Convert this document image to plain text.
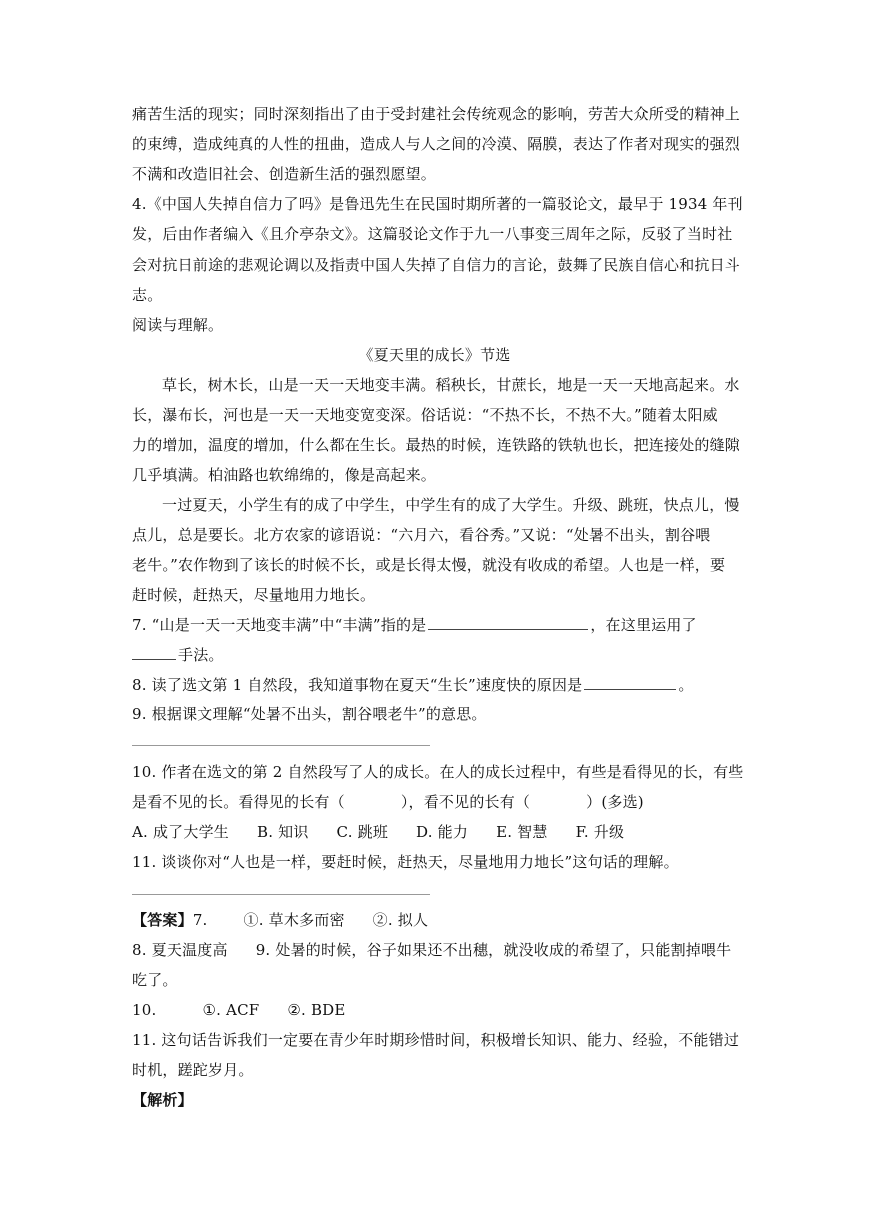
痛苦生活的现实；同时深刻指出了由于受封建社会传统观念的影响，劳苦大众所受的精神上
的束缚，造成纯真的人性的扭曲，造成人与人之间的冷漠、隔膜，表达了作者对现实的强烈
不满和改造旧社会、创造新生活的强烈愿望。
4.《中国人失掉自信力了吗》是鲁迅先生在民国时期所著的一篇驳论文，最早于 1934 年刊
发，后由作者编入《且介亭杂文》。这篇驳论文作于九一八事变三周年之际，反驳了当时社
会对抗日前途的悲观论调以及指责中国人失掉了自信力的言论，鼓舞了民族自信心和抗日斗
志。
阅读与理解。
《夏天里的成长》节选
草长，树木长，山是一天一天地变丰满。稻秧长，甘蔗长，地是一天一天地高起来。水
长，瀑布长，河也是一天一天地变宽变深。俗话说：“不热不长，不热不大。”随着太阳威
力的增加，温度的增加，什么都在生长。最热的时候，连铁路的铁轨也长，把连接处的缝隙
几乎填满。柏油路也软绵绵的，像是高起来。
一过夏天，小学生有的成了中学生，中学生有的成了大学生。升级、跳班，快点儿，慢
点儿，总是要长。北方农家的谚语说：“六月六，看谷秀。”又说：“处暑不出头，割谷喂
老牛。”农作物到了该长的时候不长，或是长得太慢，就没有收成的希望。人也是一样，要
赶时候，赶热天，尽量地用力地长。
7. “山是一天一天地变丰满”中“丰满”指的是	，在这里运用了
手法。
8. 读了选文第 1 自然段，我知道事物在夏天“生长”速度快的原因是	。
9. 根据课文理解“处暑不出头，割谷喂老牛”的意思。
10. 作者在选文的第 2 自然段写了人的成长。在人的成长过程中，有些是看得见的长，有些
是看不见的长。看得见的长有（	），看不见的长有（	）(多选)
A. 成了大学生 B. 知识 C. 跳班 D. 能力 E. 智慧 F. 升级
11. 谈谈你对“人也是一样，要赶时候，赶热天，尽量地用力地长”这句话的理解。
【答案】7. ①. 草木多而密 ②. 拟人
8. 夏天温度高 9. 处暑的时候，谷子如果还不出穗，就没收成的希望了，只能割掉喂牛
吃了。
10.	①. ACF ②. BDE
11. 这句话告诉我们一定要在青少年时期珍惜时间，积极增长知识、能力、经验，不能错过
时机，蹉跎岁月。
【解析】
